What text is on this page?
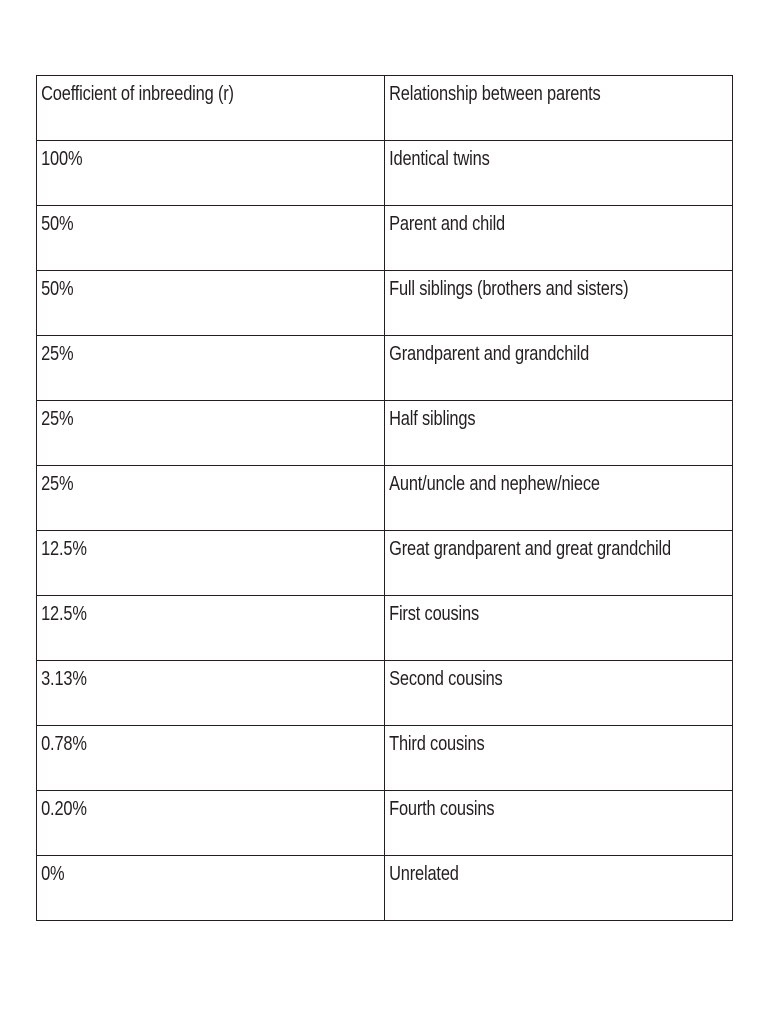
Coefficient of inbreeding (r)	Relationship between parents

100%	Identical twins

50%	Parent and child

50%	Full siblings (brothers and sisters)

25%	Grandparent and grandchild

25%	Half siblings

25%	Aunt/uncle and nephew/niece

12.5%	Great grandparent and great grandchild

12.5%	First cousins

3.13%	Second cousins

0.78%	Third cousins

0.20%	Fourth cousins

0%	Unrelated
